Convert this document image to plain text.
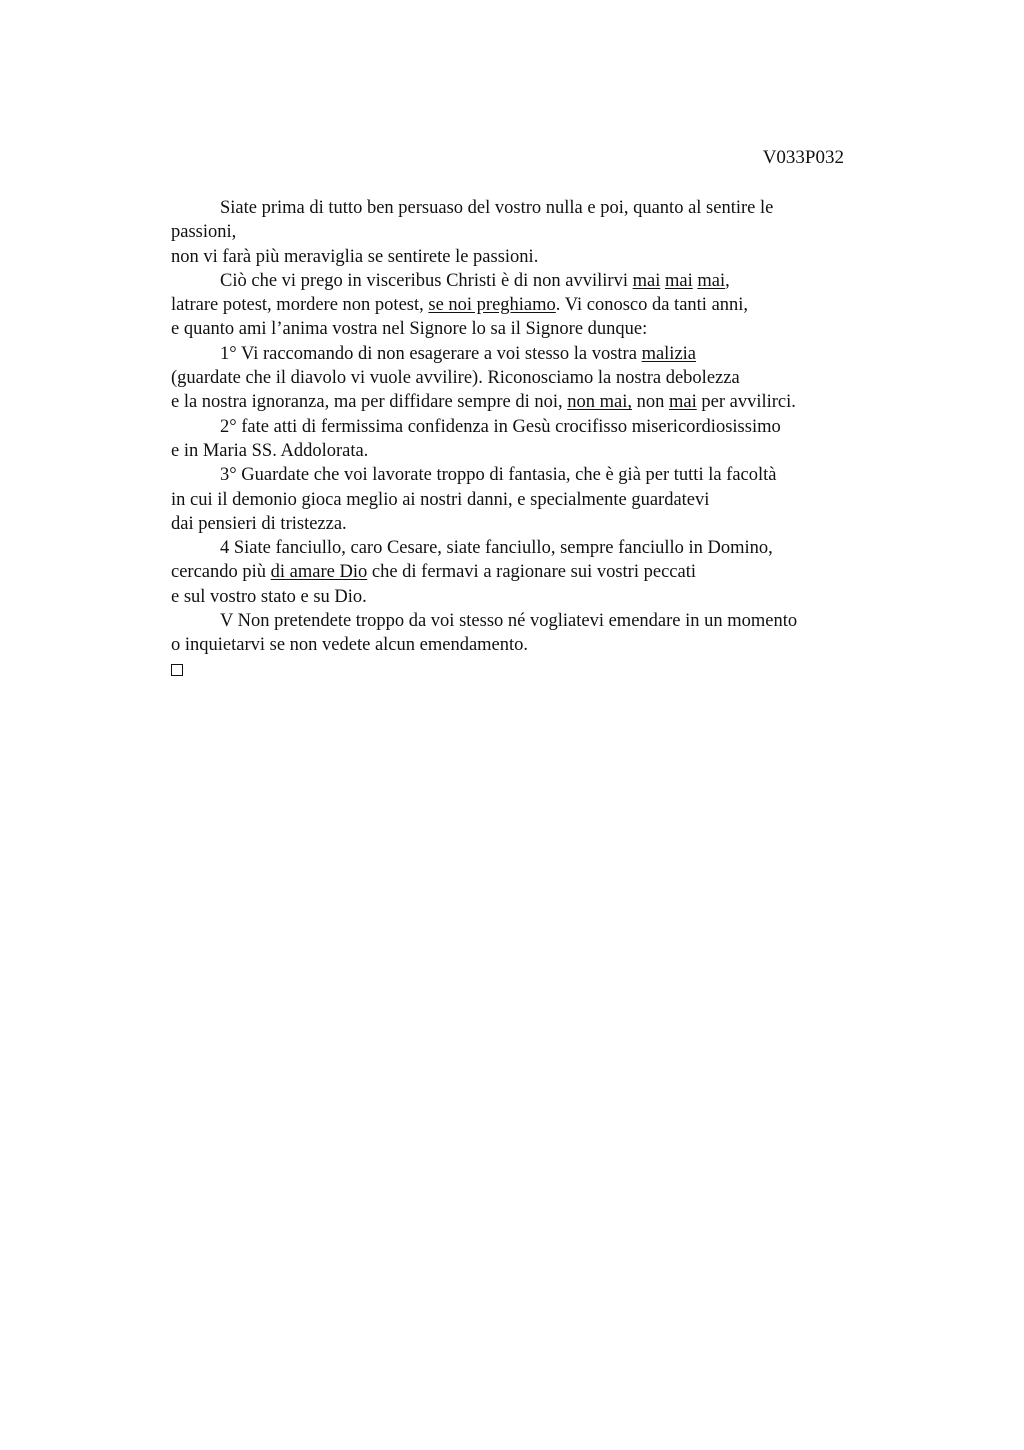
V033P032
Siate prima di tutto ben persuaso del vostro nulla e poi, quanto al sentire le
passioni,
non vi farà più meraviglia se sentirete le passioni.
Ciò che vi prego in visceribus Christi è di non avvilirvi mai mai mai,
latrare potest, mordere non potest, se noi preghiamo. Vi conosco da tanti anni,
e quanto ami l’anima vostra nel Signore lo sa il Signore dunque:
1° Vi raccomando di non esagerare a voi stesso la vostra malizia
(guardate che il diavolo vi vuole avvilire). Riconosciamo la nostra debolezza
e la nostra ignoranza, ma per diffidare sempre di noi, non mai, non mai per avvilirci.
2° fate atti di fermissima confidenza in Gesù crocifisso misericordiosissimo
e in Maria SS. Addolorata.
3° Guardate che voi lavorate troppo di fantasia, che è già per tutti la facoltà
in cui il demonio gioca meglio ai nostri danni, e specialmente guardatevi
dai pensieri di tristezza.
4 Siate fanciullo, caro Cesare, siate fanciullo, sempre fanciullo in Domino,
cercando più di amare Dio che di fermavi a ragionare sui vostri peccati
e sul vostro stato e su Dio.
V Non pretendete troppo da voi stesso né vogliatevi emendare in un momento
o inquietarvi se non vedete alcun emendamento.
